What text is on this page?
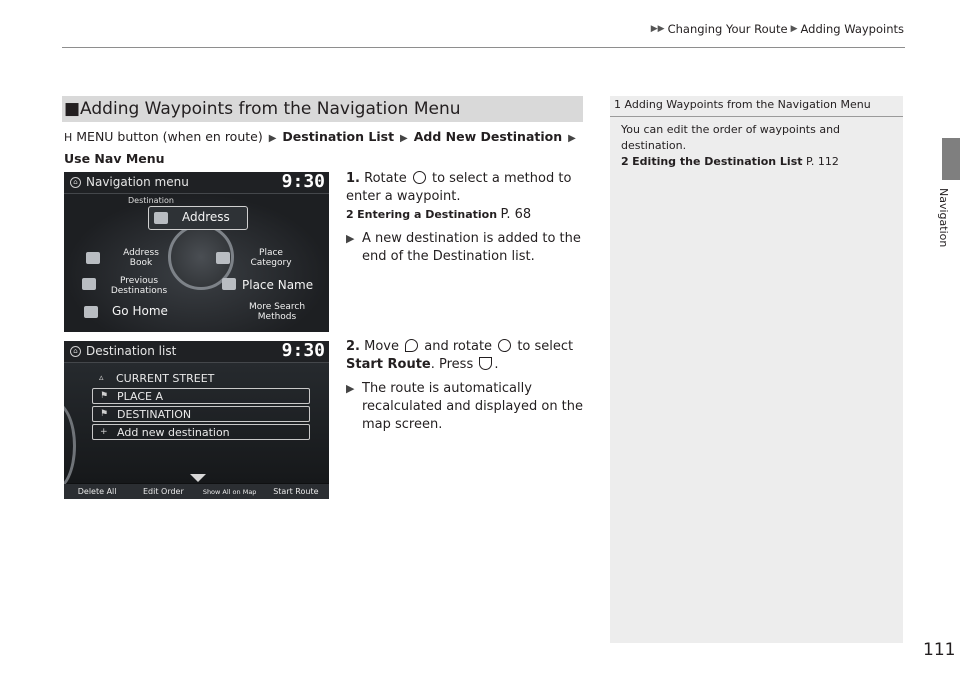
▶▶ Changing Your Route ▶ Adding Waypoints
Navigation
■Adding Waypoints from the Navigation Menu
H MENU button (when en route) ▶ Destination List ▶ Add New Destination ▶
Use Nav Menu
⌂ Navigation menu	9:30
Destination
Address
Address Book
Place Category
Previous Destinations	Place Name
Go Home	More Search Methods
⌂ Destination list	9:30
▵ CURRENT STREET
⚑ PLACE A
⚑ DESTINATION
+ Add new destination
Delete All	Edit Order	Show All on Map	Start Route
1. Rotate to select a method to enter a waypoint.
2 Entering a Destination P. 68
▶ A new destination is added to the end of the Destination list.
2. Move and rotate to select Start Route. Press .
▶ The route is automatically recalculated and displayed on the map screen.
1 Adding Waypoints from the Navigation Menu
You can edit the order of waypoints and destination.
2 Editing the Destination List P. 112
111
